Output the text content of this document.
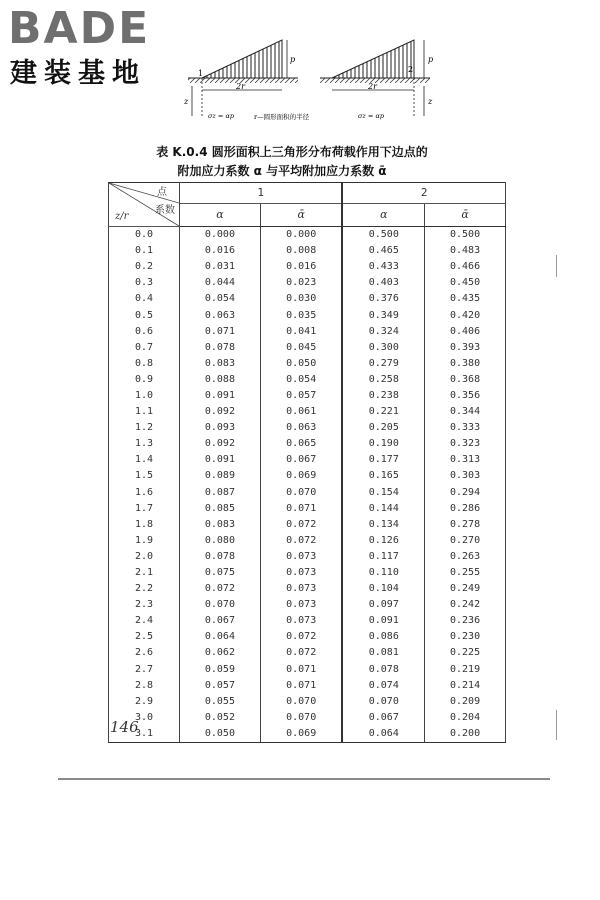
BADE
建装基地	1
2r
p
z
σz = αp
2
2r
p
z
σz = αp
r—圆形面积的半径
表 K.0.4 圆形面积上三角形分布荷载作用下边点的
附加应力系数 α 与平均附加应力系数 ᾱ
点
系数
z/r	1		2	
	α	ᾱ	α	ᾱ
0.0	0.000	0.000	0.500	0.500
0.1	0.016	0.008	0.465	0.483
0.2	0.031	0.016	0.433	0.466
0.3	0.044	0.023	0.403	0.450
0.4	0.054	0.030	0.376	0.435
0.5	0.063	0.035	0.349	0.420
0.6	0.071	0.041	0.324	0.406
0.7	0.078	0.045	0.300	0.393
0.8	0.083	0.050	0.279	0.380
0.9	0.088	0.054	0.258	0.368
1.0	0.091	0.057	0.238	0.356
1.1	0.092	0.061	0.221	0.344
1.2	0.093	0.063	0.205	0.333
1.3	0.092	0.065	0.190	0.323
1.4	0.091	0.067	0.177	0.313
1.5	0.089	0.069	0.165	0.303
1.6	0.087	0.070	0.154	0.294
1.7	0.085	0.071	0.144	0.286
1.8	0.083	0.072	0.134	0.278
1.9	0.080	0.072	0.126	0.270
2.0	0.078	0.073	0.117	0.263
2.1	0.075	0.073	0.110	0.255
2.2	0.072	0.073	0.104	0.249
2.3	0.070	0.073	0.097	0.242
2.4	0.067	0.073	0.091	0.236
2.5	0.064	0.072	0.086	0.230
2.6	0.062	0.072	0.081	0.225
2.7	0.059	0.071	0.078	0.219
2.8	0.057	0.071	0.074	0.214
2.9	0.055	0.070	0.070	0.209
3.0	0.052	0.070	0.067	0.204
3.1	0.050	0.069	0.064	0.200
146
